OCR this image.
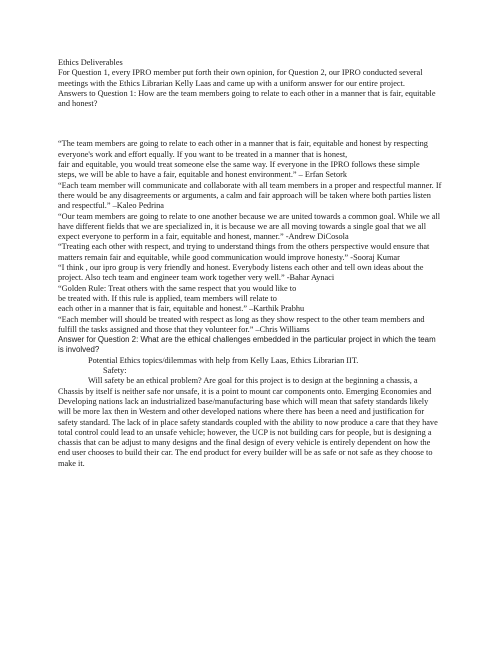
Ethics Deliverables

For Question 1, every IPRO member put forth their own opinion, for Question 2, our IPRO conducted several meetings with the Ethics Librarian Kelly Laas and came up with a uniform answer for our entire project.

Answers to Question 1: How are the team members going to relate to each other in a manner that is fair, equitable and honest?

“The team members are going to relate to each other in a manner that is fair, equitable and honest by respecting everyone's work and effort equally. If you want to be treated in a manner that is honest,

fair and equitable, you would treat someone else the same way. If everyone in the IPRO follows these simple

steps, we will be able to have a fair, equitable and honest environment.” – Erfan Setork

“Each team member will communicate and collaborate with all team members in a proper and respectful manner. If there would be any disagreements or arguments, a calm and fair approach will be taken where both parties listen and respectful.” –Kaleo Pedrina

“Our team members are going to relate to one another because we are united towards a common goal. While we all have different fields that we are specialized in, it is because we are all moving towards a single goal that we all expect everyone to perform in a fair, equitable and honest, manner.” -Andrew DiCosola

“Treating each other with respect, and trying to understand things from the others perspective would ensure that matters remain fair and equitable, while good communication would improve honesty.” -Sooraj Kumar

“I think , our ipro group is very friendly and honest. Everybody listens each other and tell own ideas about the project. Also tech team and engineer team work together very well.” -Bahar Aynaci

“Golden Rule: Treat others with the same respect that you would like to

be treated with. If this rule is applied, team members will relate to

each other in a manner that is fair, equitable and honest.” –Karthik Prabhu

“Each member will should be treated with respect as long as they show respect to the other team members and fulfill the tasks assigned and those that they volunteer for.” –Chris Williams

Answer for Question 2: What are the ethical challenges embedded in the particular project in which the team is involved?

Potential Ethics topics/dilemmas with help from Kelly Laas, Ethics Librarian IIT.

Safety:

Will safety be an ethical problem? Are goal for this project is to design at the beginning a chassis, a Chassis by itself is neither safe nor unsafe, it is a point to mount car components onto. Emerging Economies and Developing nations lack an industrialized base/manufacturing base which will mean that safety standards likely will be more lax then in Western and other developed nations where there has been a need and justification for safety standard. The lack of in place safety standards coupled with the ability to now produce a care that they have total control could lead to an unsafe vehicle; however, the UCP is not building cars for people, but is designing a chassis that can be adjust to many designs and the final design of every vehicle is entirely dependent on how the end user chooses to build their car. The end product for every builder will be as safe or not safe as they choose to make it.
